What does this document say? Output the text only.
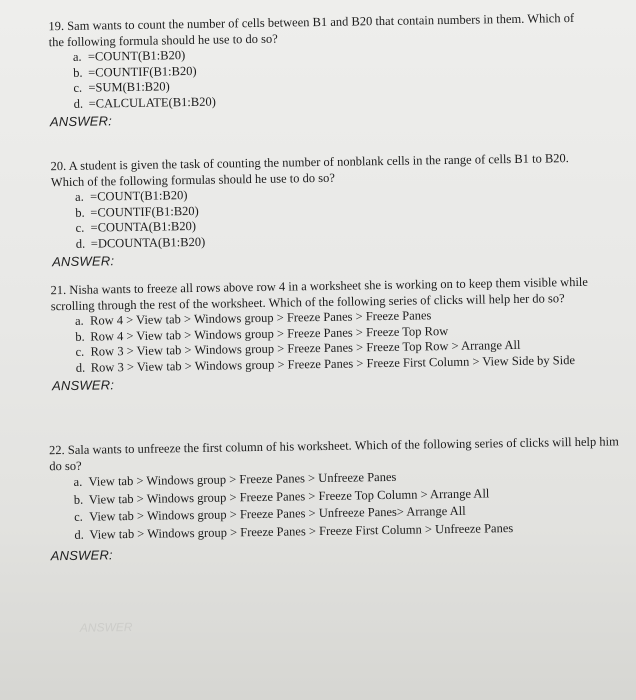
19. Sam wants to count the number of cells between B1 and B20 that contain numbers in them. Which of the following formula should he use to do so?

a. =COUNT(B1:B20)
b. =COUNTIF(B1:B20)
c. =SUM(B1:B20)
d. =CALCULATE(B1:B20)
ANSWER:

20. A student is given the task of counting the number of nonblank cells in the range of cells B1 to B20. Which of the following formulas should he use to do so?

a. =COUNT(B1:B20)
b. =COUNTIF(B1:B20)
c. =COUNTA(B1:B20)
d. =DCOUNTA(B1:B20)
ANSWER:

21. Nisha wants to freeze all rows above row 4 in a worksheet she is working on to keep them visible while scrolling through the rest of the worksheet. Which of the following series of clicks will help her do so?

a. Row 4 > View tab > Windows group > Freeze Panes > Freeze Panes
b. Row 4 > View tab > Windows group > Freeze Panes > Freeze Top Row
c. Row 3 > View tab > Windows group > Freeze Panes > Freeze Top Row > Arrange All
d. Row 3 > View tab > Windows group > Freeze Panes > Freeze First Column > View Side by Side
ANSWER:

22. Sala wants to unfreeze the first column of his worksheet. Which of the following series of clicks will help him do so?

a. View tab > Windows group > Freeze Panes > Unfreeze Panes
b. View tab > Windows group > Freeze Panes > Freeze Top Column > Arrange All
c. View tab > Windows group > Freeze Panes > Unfreeze Panes> Arrange All
d. View tab > Windows group > Freeze Panes > Freeze First Column > Unfreeze Panes
ANSWER:
ANSWER
